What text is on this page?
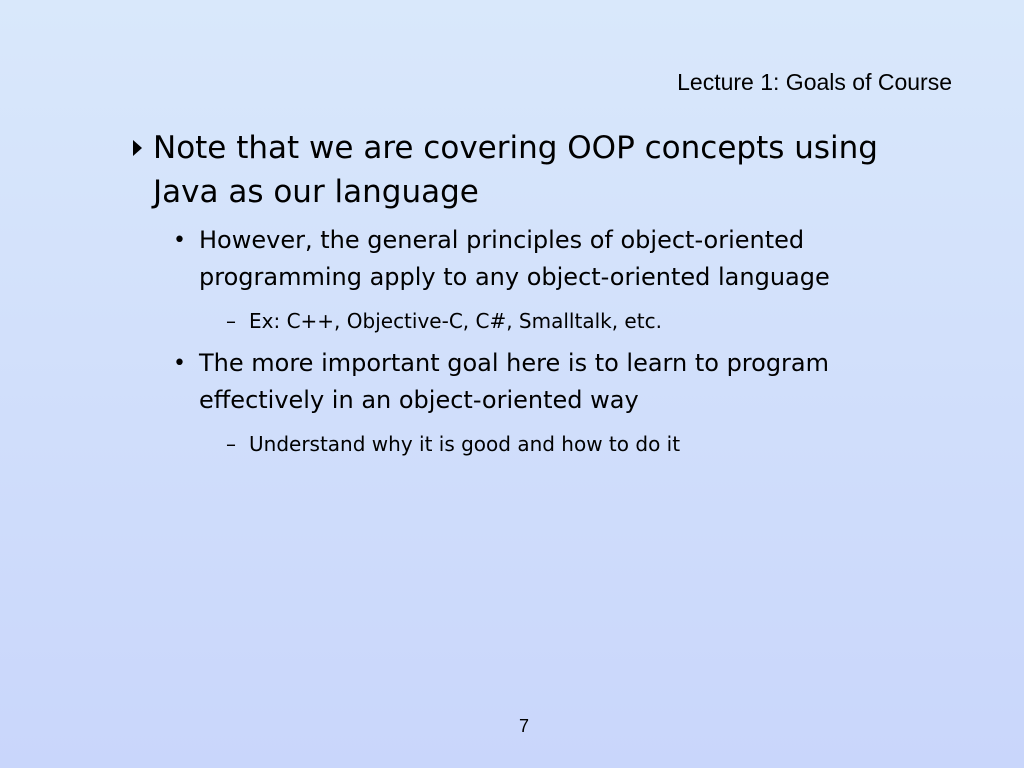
Lecture 1: Goals of Course
Note that we are covering OOP concepts using
Java as our language
• However, the general principles of object-oriented
programming apply to any object-oriented language
– Ex: C++, Objective-C, C#, Smalltalk, etc.
• The more important goal here is to learn to program
effectively in an object-oriented way
– Understand why it is good and how to do it
7
